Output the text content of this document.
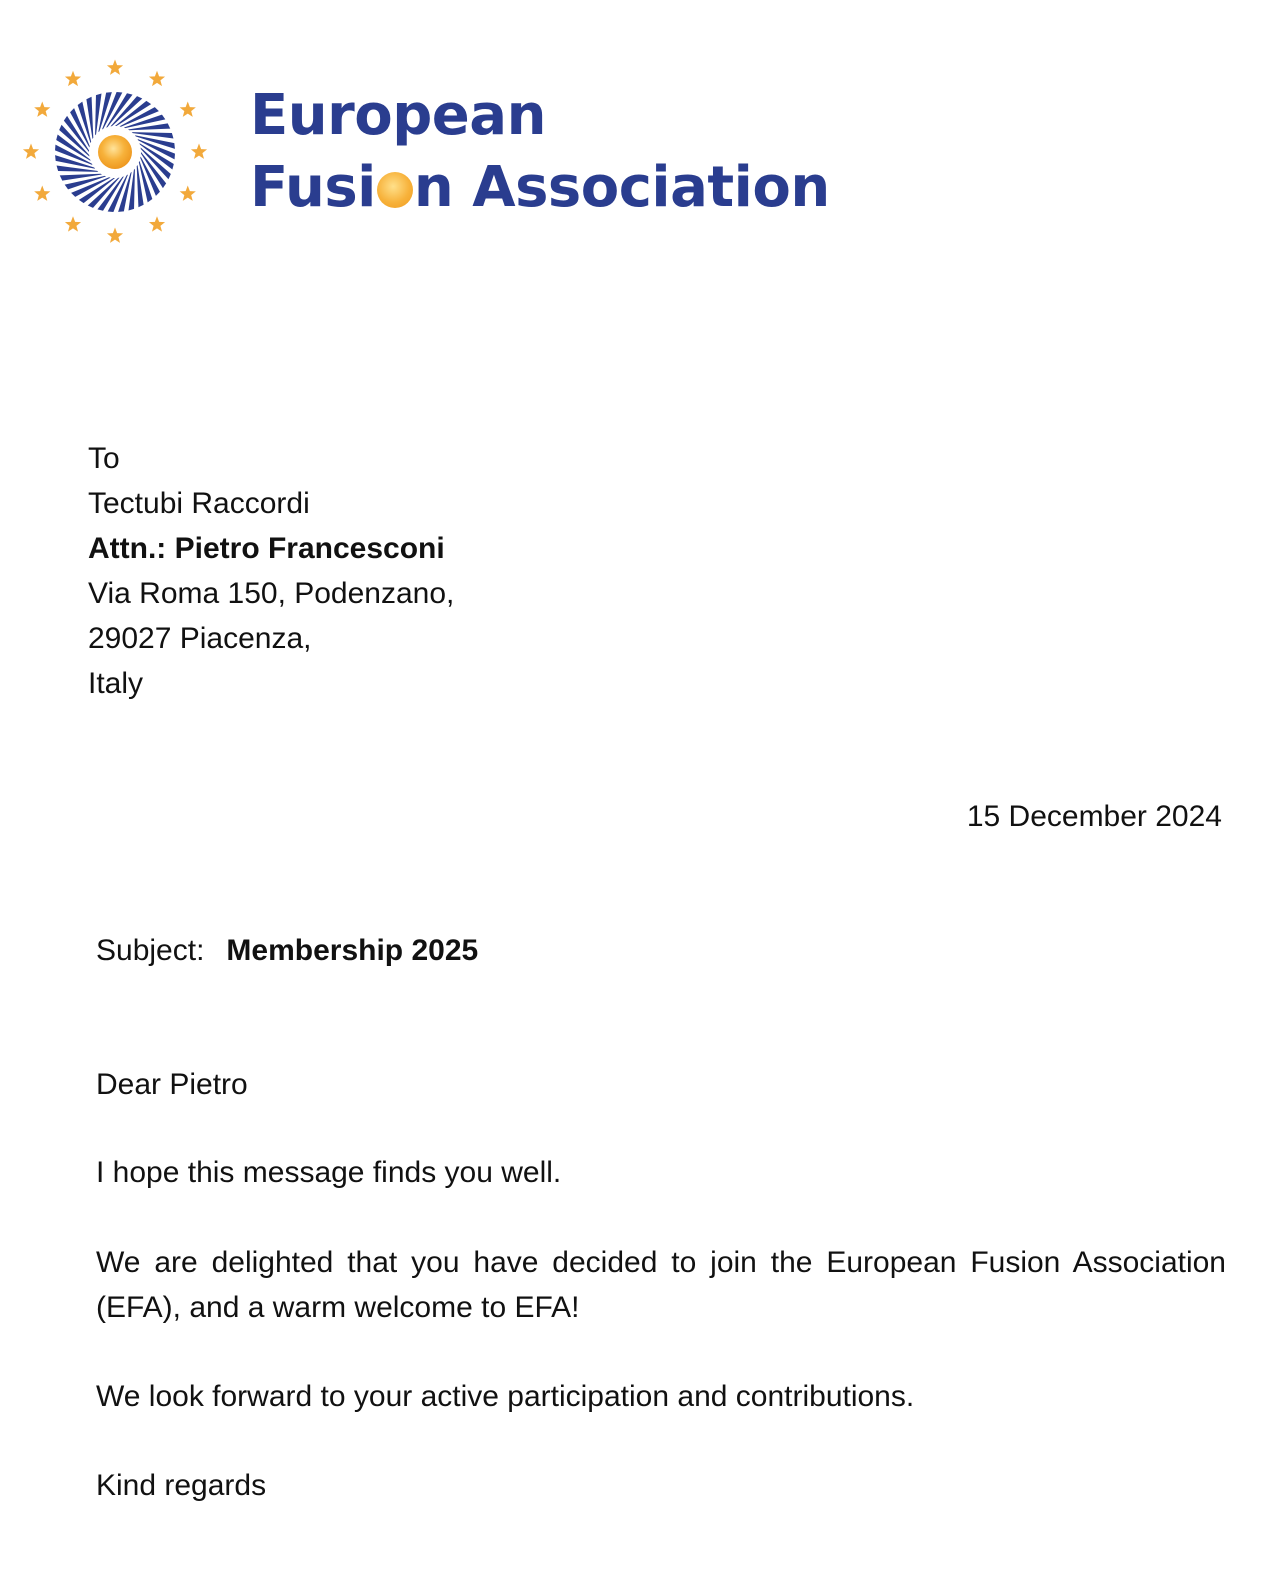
European
Fusi n Association
To
Tectubi Raccordi
Attn.: Pietro Francesconi
Via Roma 150, Podenzano,
29027 Piacenza,
Italy
15 December 2024
Subject: Membership 2025
Dear Pietro
I hope this message finds you well.
We are delighted that you have decided to join the European Fusion Association (EFA), and a warm welcome to EFA!
We look forward to your active participation and contributions.
Kind regards
